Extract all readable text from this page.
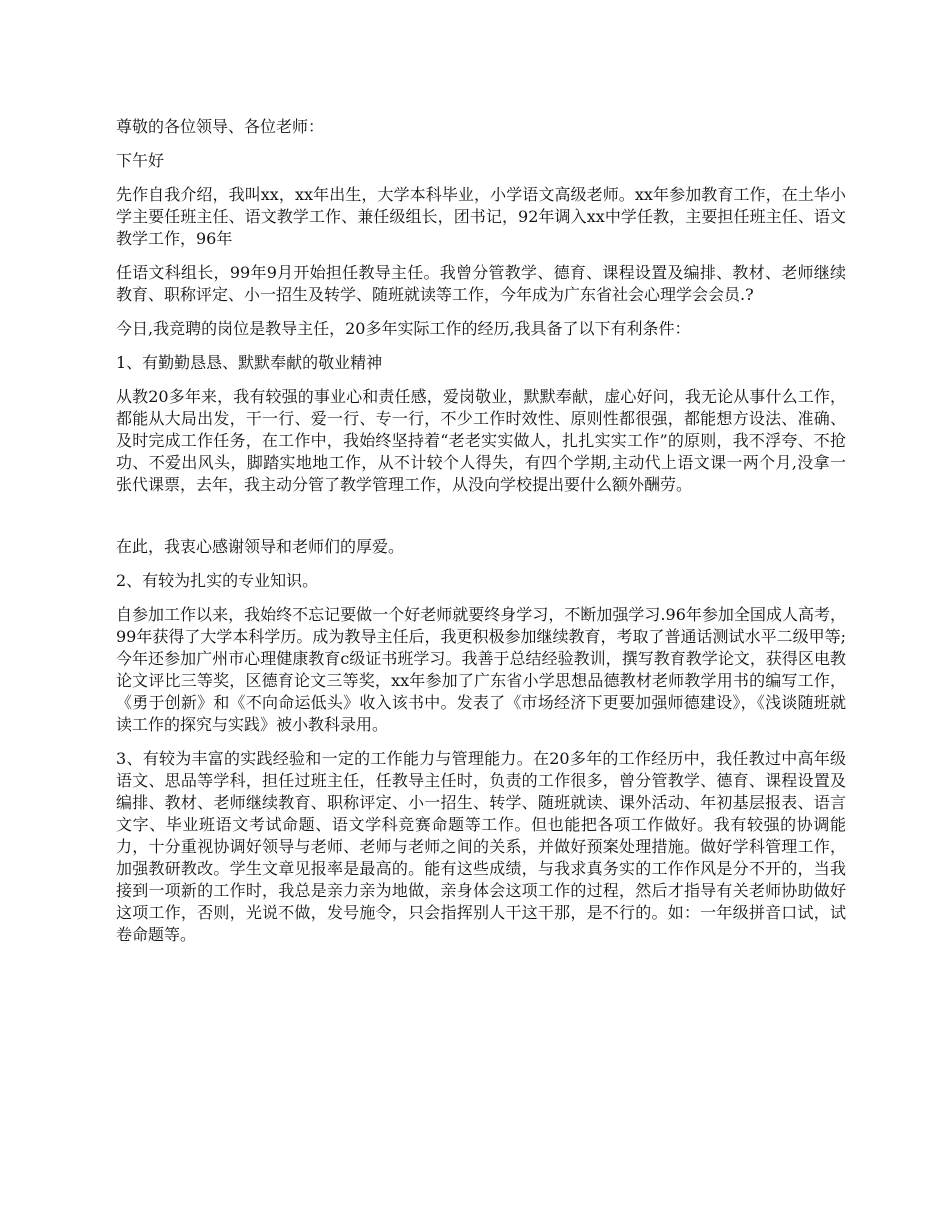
尊敬的各位领导、各位老师：

下午好

先作自我介绍，我叫xx，xx年出生，大学本科毕业，小学语文高级老师。xx年参加教育工作，在土华小学主要任班主任、语文教学工作、兼任级组长，团书记，92年调入xx中学任教，主要担任班主任、语文教学工作，96年

任语文科组长，99年9月开始担任教导主任。我曾分管教学、德育、课程设置及编排、教材、老师继续教育、职称评定、小一招生及转学、随班就读等工作，今年成为广东省社会心理学会会员.?

今日,我竞聘的岗位是教导主任，20多年实际工作的经历,我具备了以下有利条件：

1、有勤勤恳恳、默默奉献的敬业精神

从教20多年来，我有较强的事业心和责任感，爱岗敬业，默默奉献，虚心好问，我无论从事什么工作，都能从大局出发，干一行、爱一行、专一行，不少工作时效性、原则性都很强，都能想方设法、准确、及时完成工作任务，在工作中，我始终坚持着“老老实实做人，扎扎实实工作”的原则，我不浮夸、不抢功、不爱出风头，脚踏实地地工作，从不计较个人得失，有四个学期,主动代上语文课一两个月,没拿一张代课票，去年，我主动分管了教学管理工作，从没向学校提出要什么额外酬劳。

在此，我衷心感谢领导和老师们的厚爱。

2、有较为扎实的专业知识。

自参加工作以来，我始终不忘记要做一个好老师就要终身学习，不断加强学习.96年参加全国成人高考，99年获得了大学本科学历。成为教导主任后，我更积极参加继续教育，考取了普通话测试水平二级甲等;今年还参加广州市心理健康教育c级证书班学习。我善于总结经验教训，撰写教育教学论文，获得区电教论文评比三等奖，区德育论文三等奖，xx年参加了广东省小学思想品德教材老师教学用书的编写工作，《勇于创新》和《不向命运低头》收入该书中。发表了《市场经济下更要加强师德建设》，《浅谈随班就读工作的探究与实践》被小教科录用。

3、有较为丰富的实践经验和一定的工作能力与管理能力。在20多年的工作经历中，我任教过中高年级语文、思品等学科，担任过班主任，任教导主任时，负责的工作很多，曾分管教学、德育、课程设置及编排、教材、老师继续教育、职称评定、小一招生、转学、随班就读、课外活动、年初基层报表、语言文字、毕业班语文考试命题、语文学科竞赛命题等工作。但也能把各项工作做好。我有较强的协调能力，十分重视协调好领导与老师、老师与老师之间的关系，并做好预案处理措施。做好学科管理工作，加强教研教改。学生文章见报率是最高的。能有这些成绩，与我求真务实的工作作风是分不开的，当我接到一项新的工作时，我总是亲力亲为地做，亲身体会这项工作的过程，然后才指导有关老师协助做好这项工作，否则，光说不做，发号施令，只会指挥别人干这干那，是不行的。如：一年级拼音口试，试卷命题等。
